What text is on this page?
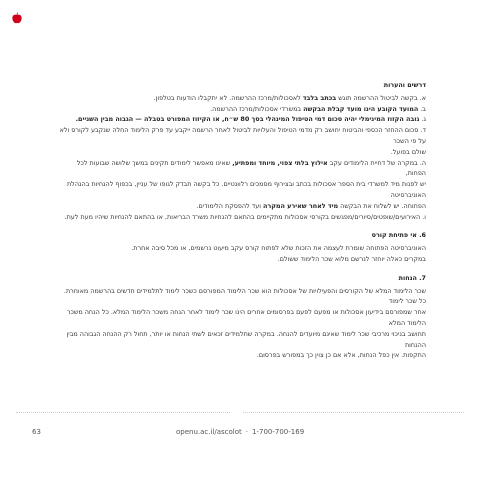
דרשים והערות
א. בקשה לביטול ההרשמה תוגש בכתב בלבד לאסכולות/מרכז ההרשמה. לא יתקבלו הודעות בטלפון.
ב. המועד הקובע הינו מועד קבלת הבקשה במשרדי אסכולות/מרכז ההרשמה.
ג. גובה הקזוז המינימלי יהיה סכום דמי הטיפול המינהלי בסך 80 ש״ח, או הקיזוז המפורט בטבלה — הגבוה מבין השניים.
ד. סכום ההחזר הכספי והביטוח יחושב רק מדמי הטיפול והעלויות לביטול לאחר הרשמה ייקבע עד פרק הלימוד החלה שנקבע לקורס ולא על פי השכר
שולם בפועל.
ה. במקרה של דחיית הלימודים עקב אילוץ בלתי צפוי, מיוחד ומפתיע, שאינו מאפשר לימודים תקינים במשך שלושה שבועות לכל הפחות,
יש לפנות מיד למשרדי בית הספר אסכולות בכתב ובצירוף מסמכים רלוונטיים. כל בקשה תבדק לגופו של עניין, בכפוף להנחיות בהנהלת האוניברסיטה
הפתוחה. יש לשלוח את הבקשה מיד לאחר שאירע המקרה ועד להפסקת הלימודים.
ו. האירועים/שופטים/סיורים/מפגשים בקורסי אסכולות מתקיימים בהתאם להנחיות משרד הבריאות, או בהתאם להנחיות שיהיו מעת לעת.
6. אי פתיחת קורס
האוניברסיטה הפתוחה שומרת לעצמה את הזכות שלא לפתוח קורס עקב מיעוט נרשמים, או מכל סיבה אחרת.
במקרים כאלה יוחזר לנרשם מלוא שכר הלימוד ששולם.
7. הנחות
שכר הלימוד המלא של הקורסים והפעילויות של אסכולות הוא שכר הלימוד המפורסם כשכר לימוד לתלמידים חדשים בהרשמה מאוחרת. כל שכר לימוד
אחר שמפורסם בידיעון אסכולות או מפעם לפעם בפרסומים אחרים הינו שכר לימוד לאחר הנחה משכר הלימוד המלא. כל הנחה משכר הלימוד המלא
תחושב בניכוי מרכיבי שכר לימוד שאינם מיועדים להנחה. במקרה שתלמידים זכאים לשתי הנחות או יותר, תחול רק ההנחה הגבוהה מבין ההנחות
התקפות. אין כפל הנחות, אלא אם כן צוין כך במפורש בפרסום.
63	openu.ac.il/ascolot · 1-700-700-169
